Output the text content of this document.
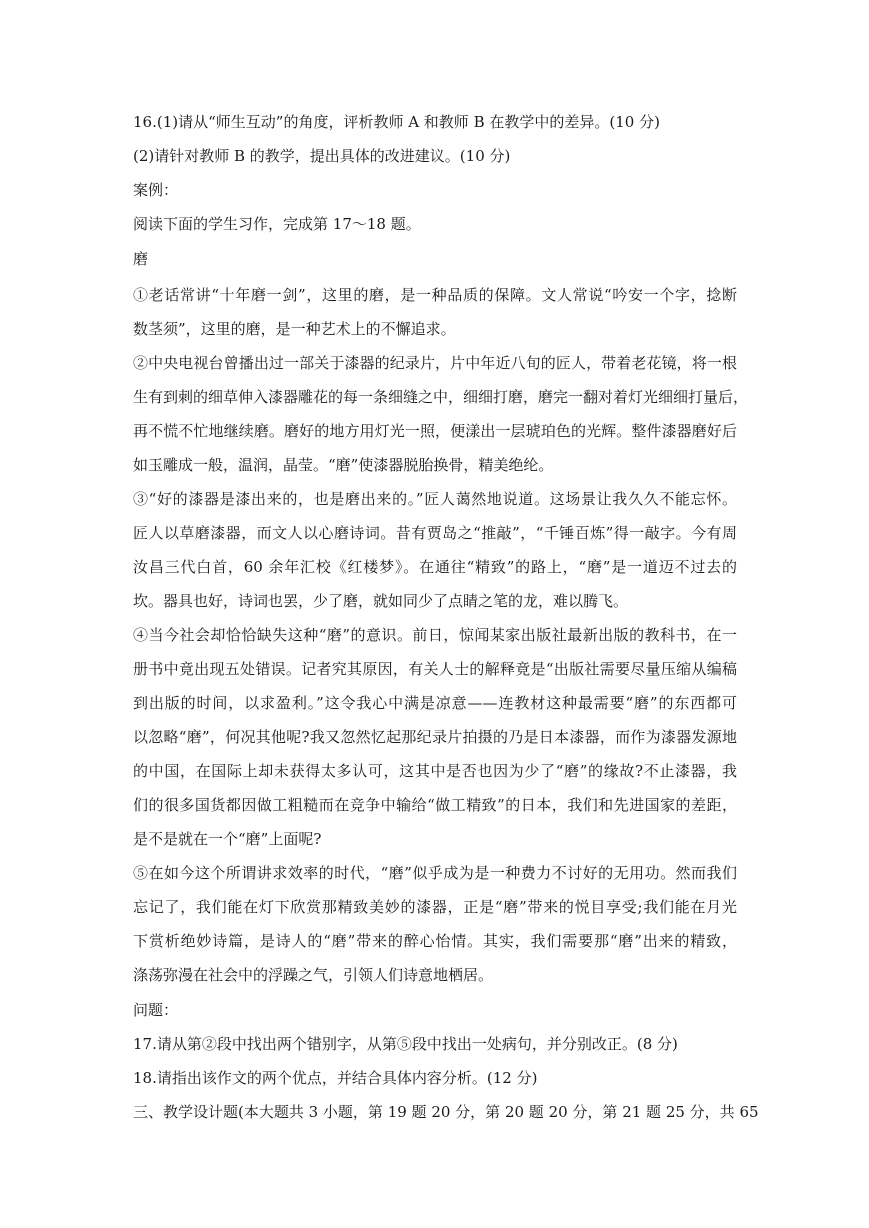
16.(1)请从“师生互动”的角度，评析教师 A 和教师 B 在教学中的差异。(10 分)
(2)请针对教师 B 的教学，提出具体的改进建议。(10 分)
案例：
阅读下面的学生习作，完成第 17～18 题。
磨
①老话常讲“十年磨一剑”，这里的磨，是一种品质的保障。文人常说“吟安一个字，捻断
数茎须”，这里的磨，是一种艺术上的不懈追求。
②中央电视台曾播出过一部关于漆器的纪录片，片中年近八旬的匠人，带着老花镜，将一根
生有到刺的细草伸入漆器雕花的每一条细缝之中，细细打磨，磨完一翻对着灯光细细打量后，
再不慌不忙地继续磨。磨好的地方用灯光一照，便漾出一层琥珀色的光辉。整件漆器磨好后
如玉雕成一般，温润，晶莹。“磨”使漆器脱胎换骨，精美绝纶。
③“好的漆器是漆出来的，也是磨出来的。”匠人蔼然地说道。这场景让我久久不能忘怀。
匠人以草磨漆器，而文人以心磨诗词。昔有贾岛之“推敲”，“千锤百炼”得一敲字。今有周
汝昌三代白首，60 余年汇校《红楼梦》。在通往“精致”的路上，“磨”是一道迈不过去的
坎。器具也好，诗词也罢，少了磨，就如同少了点睛之笔的龙，难以腾飞。
④当今社会却恰恰缺失这种“磨”的意识。前日，惊闻某家出版社最新出版的教科书，在一
册书中竟出现五处错误。记者究其原因，有关人士的解释竟是“出版社需要尽量压缩从编稿
到出版的时间，以求盈利。”这令我心中满是凉意——连教材这种最需要“磨”的东西都可
以忽略“磨”，何况其他呢?我又忽然忆起那纪录片拍摄的乃是日本漆器，而作为漆器发源地
的中国，在国际上却未获得太多认可，这其中是否也因为少了“磨”的缘故?不止漆器，我
们的很多国货都因做工粗糙而在竞争中输给“做工精致”的日本，我们和先进国家的差距，
是不是就在一个“磨”上面呢?
⑤在如今这个所谓讲求效率的时代，“磨”似乎成为是一种费力不讨好的无用功。然而我们
忘记了，我们能在灯下欣赏那精致美妙的漆器，正是“磨”带来的悦目享受;我们能在月光
下赏析绝妙诗篇，是诗人的“磨”带来的醉心怡情。其实，我们需要那“磨”出来的精致，
涤荡弥漫在社会中的浮躁之气，引领人们诗意地栖居。
问题：
17.请从第②段中找出两个错别字，从第⑤段中找出一处病句，并分别改正。(8 分)
18.请指出该作文的两个优点，并结合具体内容分析。(12 分)
三、教学设计题(本大题共 3 小题，第 19 题 20 分，第 20 题 20 分，第 21 题 25 分，共 65
